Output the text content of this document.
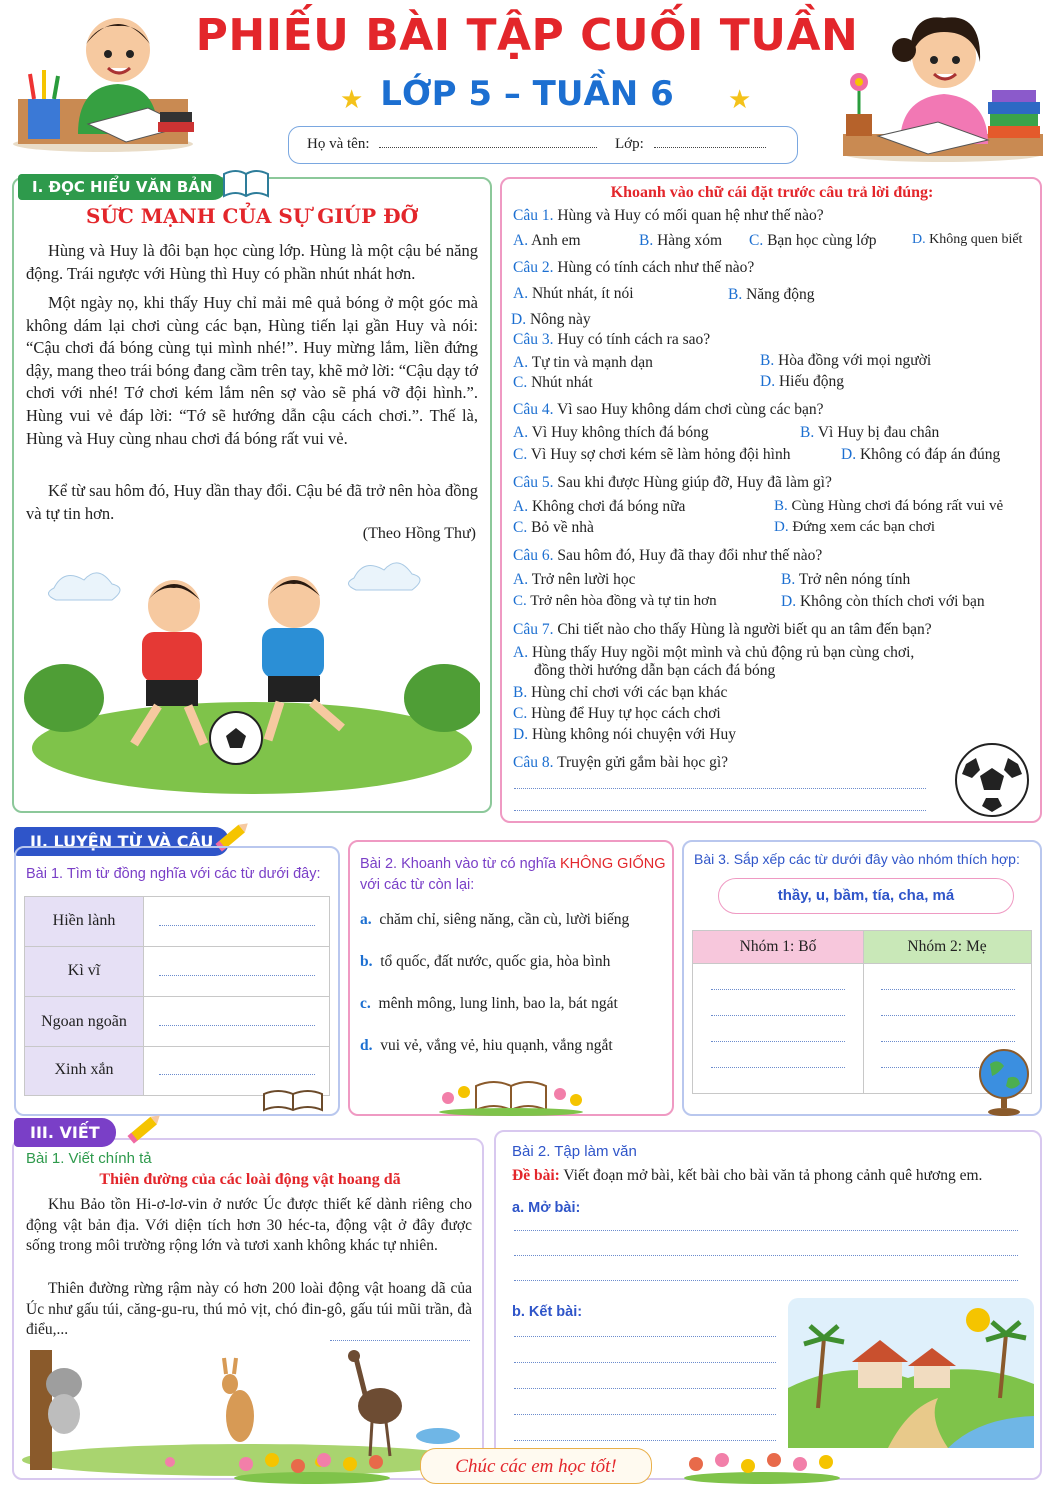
PHIẾU BÀI TẬP CUỐI TUẦN
★ LỚP 5 – TUẦN 6	★
Họ và tên:	Lớp:
I. ĐỌC HIỂU VĂN BẢN
SỨC MẠNH CỦA SỰ GIÚP ĐỠ
Hùng và Huy là đôi bạn học cùng lớp. Hùng là một cậu bé năng động. Trái ngược với Hùng thì Huy có phần nhút nhát hơn.
Một ngày nọ, khi thấy Huy chỉ mải mê quả bóng ở một góc mà không dám lại chơi cùng các bạn, Hùng tiến lại gần Huy và nói: “Cậu chơi đá bóng cùng tụi mình nhé!”. Huy mừng lắm, liền đứng dậy, mang theo trái bóng đang cầm trên tay, khẽ mở lời: “Cậu dạy tớ chơi với nhé! Tớ chơi kém lắm nên sợ vào sẽ phá vỡ đội hình.”. Hùng vui vẻ đáp lời: “Tớ sẽ hướng dẫn cậu cách chơi.”. Thế là, Hùng và Huy cùng nhau chơi đá bóng rất vui vẻ.
Kể từ sau hôm đó, Huy dần thay đổi. Cậu bé đã trở nên hòa đồng và tự tin hơn.
(Theo Hồng Thư)
Khoanh vào chữ cái đặt trước câu trả lời đúng:
Câu 1. Hùng và Huy có mối quan hệ như thế nào?
A. Anh em	B. Hàng xóm C. Bạn học cùng lớp	D. Không quen biết
Câu 2. Hùng có tính cách như thế nào?
A. Nhút nhát, ít nói	B. Năng động
D. Nông này
Câu 3. Huy có tính cách ra sao?
A. Tự tin và mạnh dạn	B. Hòa đồng với mọi người
C. Nhút nhát	D. Hiếu động
Câu 4. Vì sao Huy không dám chơi cùng các bạn?
A. Vì Huy không thích đá bóng	B. Vì Huy bị đau chân
C. Vì Huy sợ chơi kém sẽ làm hỏng đội hình	D. Không có đáp án đúng
Câu 5. Sau khi được Hùng giúp đỡ, Huy đã làm gì?
A. Không chơi đá bóng nữa	B. Cùng Hùng chơi đá bóng rất vui vẻ
C. Bỏ về nhà	D. Đứng xem các bạn chơi
Câu 6. Sau hôm đó, Huy đã thay đổi như thế nào?
A. Trở nên lười học	B. Trở nên nóng tính
C. Trở nên hòa đồng và tự tin hơn	D. Không còn thích chơi với bạn
Câu 7. Chi tiết nào cho thấy Hùng là người biết qu an tâm đến bạn?
A. Hùng thấy Huy ngồi một mình và chủ động rủ bạn cùng chơi,
đồng thời hướng dẫn bạn cách đá bóng
B. Hùng chỉ chơi với các bạn khác
C. Hùng để Huy tự học cách chơi
D. Hùng không nói chuyện với Huy
Câu 8. Truyện gửi gắm bài học gì?
II. LUYỆN TỪ VÀ CÂU
Bài 1. Tìm từ đồng nghĩa với các từ dưới đây:
Hiền lành
Kì vĩ
Ngoan ngoãn
Xinh xắn
Bài 2. Khoanh vào từ có nghĩa KHÔNG GIỐNG
với các từ còn lại:
a. chăm chỉ, siêng năng, cần cù, lười biếng
b. tổ quốc, đất nước, quốc gia, hòa bình
c. mênh mông, lung linh, bao la, bát ngát
d. vui vẻ, vắng vẻ, hiu quạnh, vắng ngắt
Bài 3. Sắp xếp các từ dưới đây vào nhóm thích hợp:
thầy, u, bầm, tía, cha, má
Nhóm 1: Bố	Nhóm 2: Mẹ
III. VIẾT
Bài 1. Viết chính tả
Thiên đường của các loài động vật hoang dã
Khu Bảo tồn Hi-ơ-lơ-vin ở nước Úc được thiết kế dành riêng cho động vật bản địa. Với diện tích hơn 30 héc-ta, động vật ở đây được sống trong môi trường rộng lớn và tươi xanh không khác tự nhiên.
Thiên đường rừng rậm này có hơn 200 loài động vật hoang dã của Úc như gấu túi, căng-gu-ru, thú mỏ vịt, chó đin-gô, gấu túi mũi trần, đà điểu,...
Bài 2. Tập làm văn
Đề bài: Viết đoạn mở bài, kết bài cho bài văn tả phong cảnh quê hương em.
a. Mở bài:
b. Kết bài:
Chúc các em học tốt!
